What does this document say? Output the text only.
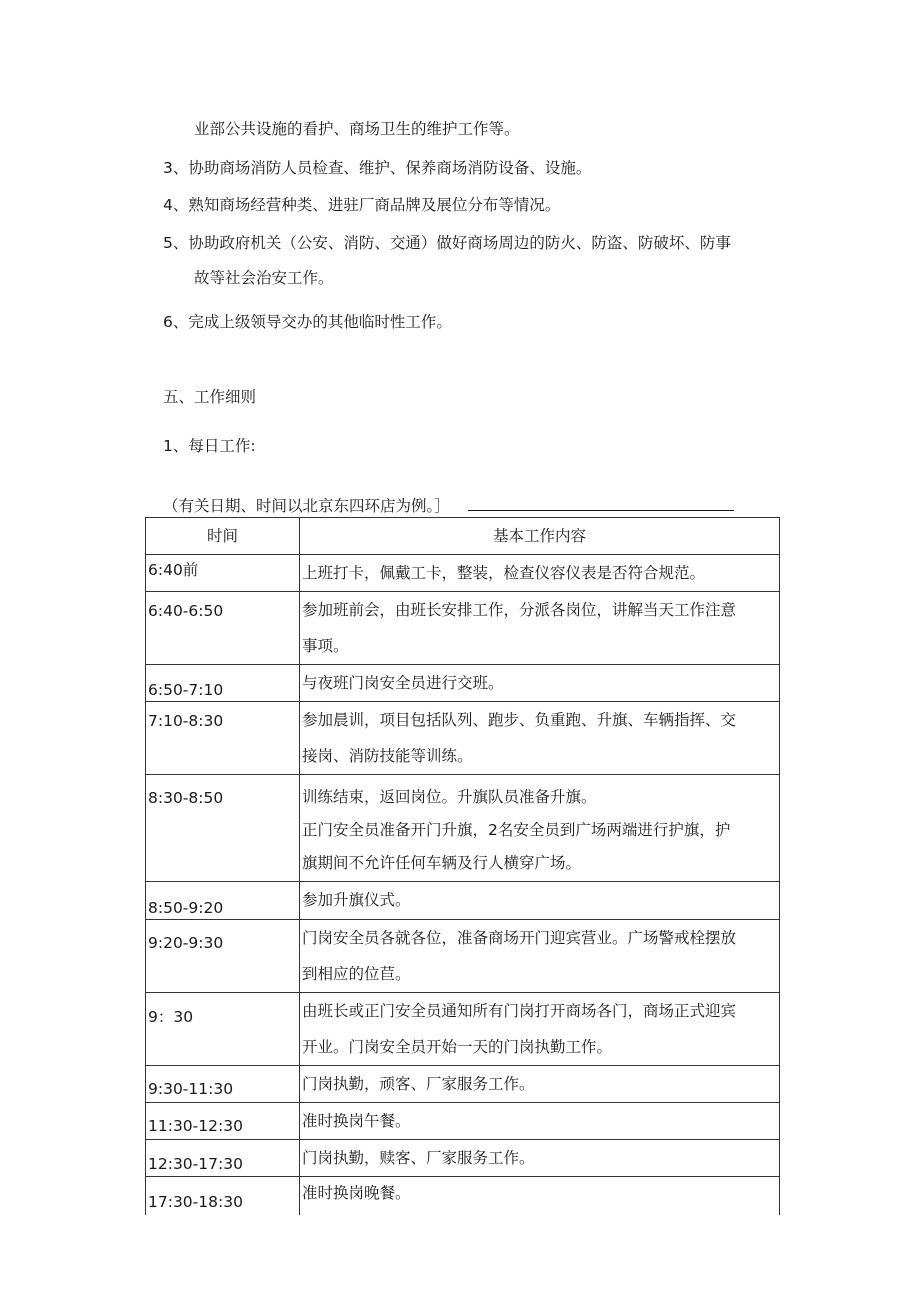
业部公共设施的看护、商场卫生的维护工作等。
3、协助商场消防人员检查、维护、保养商场消防设备、设施。
4、熟知商场经营种类、进驻厂商品牌及展位分布等情况。
5、协助政府机关（公安、消防、交通）做好商场周边的防火、防盗、防破坏、防事
故等社会治安工作。
6、完成上级领导交办的其他临时性工作。
五、工作细则
1、每日工作:
（有关日期、时间以北京东四环店为例。］
时间	基本工作内容
6:40前	上班打卡，佩戴工卡，整装，检查仪容仪表是否符合规范。

6:40-6:50	参加班前会，由班长安排工作，分派各岗位，讲解当天工作注意
事项。

6:50-7:10	与夜班门岗安全员进行交班。

7:10-8:30	参加晨训，项目包括队列、跑步、负重跑、升旗、车辆指挥、交
接岗、消防技能等训练。

8:30-8:50	训练结束，返回岗位。升旗队员准备升旗。
正门安全员准备开门升旗，2名安全员到广场两端进行护旗，护
旗期间不允许任何车辆及行人横穿广场。

8:50-9:20	参加升旗仪式。

9:20-9:30	门岗安全员各就各位，准备商场开门迎宾营业。广场警戒栓摆放
到相应的位苣。

9：30	由班长或正门安全员通知所有门岗打开商场各门，商场正式迎宾
开业。门岗安全员开始一天的门岗执勤工作。

9:30-11:30	门岗执勤，顽客、厂家服务工作。

11:30-12:30	准时换岗午餐。

12:30-17:30	门岗执勤，赎客、厂家服务工作。

17:30-18:30	准时换岗晚餐。
